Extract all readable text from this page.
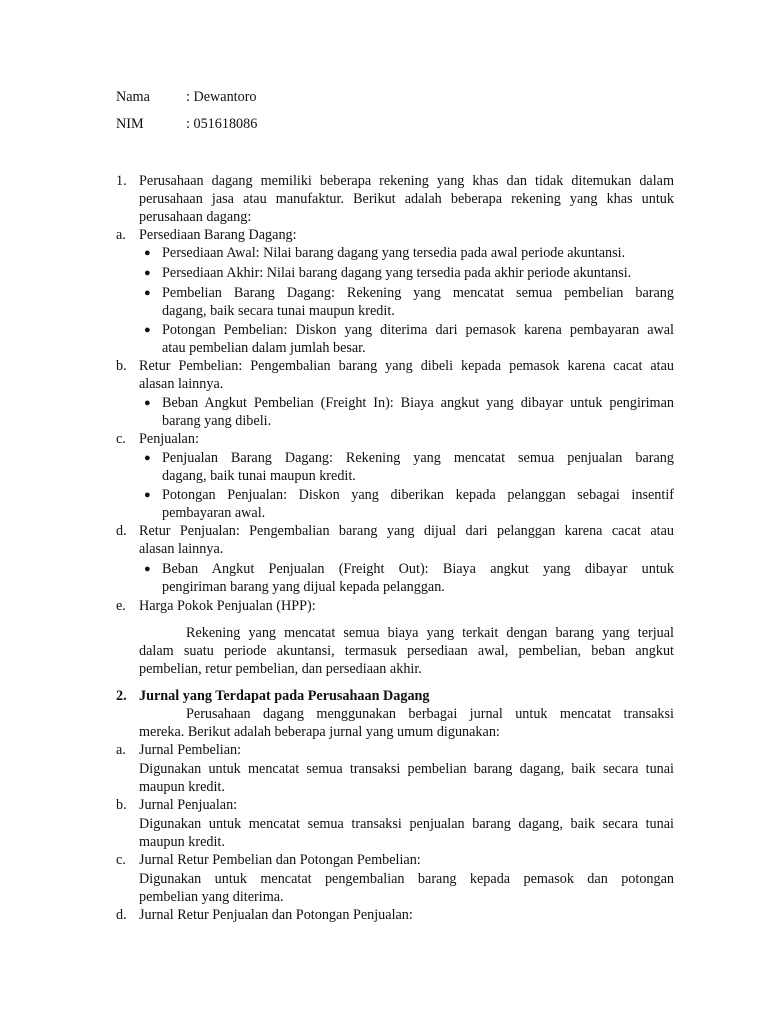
Nama	: Dewantoro
NIM	: 051618086
1. Perusahaan dagang memiliki beberapa rekening yang khas dan tidak ditemukan dalam
perusahaan jasa atau manufaktur. Berikut adalah beberapa rekening yang khas untuk
perusahaan dagang:
a. Persediaan Barang Dagang:
● Persediaan Awal: Nilai barang dagang yang tersedia pada awal periode akuntansi.
● Persediaan Akhir: Nilai barang dagang yang tersedia pada akhir periode akuntansi.
● Pembelian Barang Dagang: Rekening yang mencatat semua pembelian barang
dagang, baik secara tunai maupun kredit.
● Potongan Pembelian: Diskon yang diterima dari pemasok karena pembayaran awal
atau pembelian dalam jumlah besar.
b. Retur Pembelian: Pengembalian barang yang dibeli kepada pemasok karena cacat atau
alasan lainnya.
● Beban Angkut Pembelian (Freight In): Biaya angkut yang dibayar untuk pengiriman
barang yang dibeli.
c. Penjualan:
● Penjualan Barang Dagang: Rekening yang mencatat semua penjualan barang
dagang, baik tunai maupun kredit.
● Potongan Penjualan: Diskon yang diberikan kepada pelanggan sebagai insentif
pembayaran awal.
d. Retur Penjualan: Pengembalian barang yang dijual dari pelanggan karena cacat atau
alasan lainnya.
● Beban Angkut Penjualan (Freight Out): Biaya angkut yang dibayar untuk
pengiriman barang yang dijual kepada pelanggan.
e. Harga Pokok Penjualan (HPP):
Rekening yang mencatat semua biaya yang terkait dengan barang yang terjual
dalam suatu periode akuntansi, termasuk persediaan awal, pembelian, beban angkut
pembelian, retur pembelian, dan persediaan akhir.
2. Jurnal yang Terdapat pada Perusahaan Dagang
Perusahaan dagang menggunakan berbagai jurnal untuk mencatat transaksi
mereka. Berikut adalah beberapa jurnal yang umum digunakan:
a. Jurnal Pembelian:
Digunakan untuk mencatat semua transaksi pembelian barang dagang, baik secara tunai
maupun kredit.
b. Jurnal Penjualan:
Digunakan untuk mencatat semua transaksi penjualan barang dagang, baik secara tunai
maupun kredit.
c. Jurnal Retur Pembelian dan Potongan Pembelian:
Digunakan untuk mencatat pengembalian barang kepada pemasok dan potongan
pembelian yang diterima.
d. Jurnal Retur Penjualan dan Potongan Penjualan:
